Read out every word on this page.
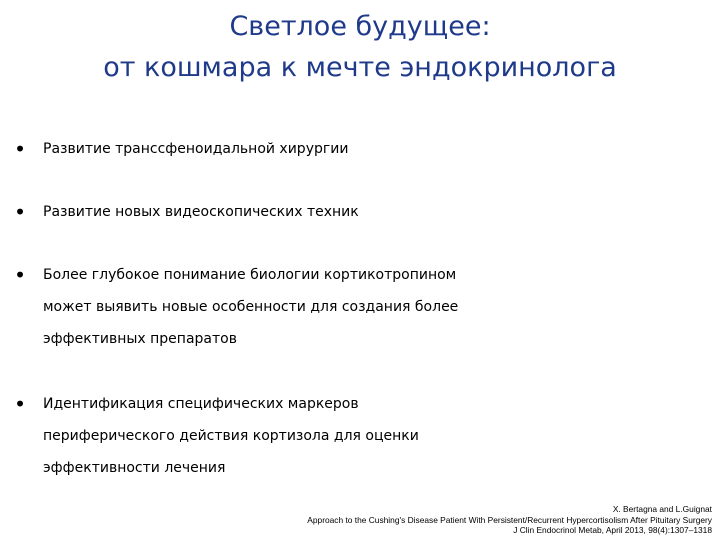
Светлое будущее:
от кошмара к мечте эндокринолога
•	Развитие транссфеноидальной хирургии
•	Развитие новых видеоскопических техник
•	Более глубокое понимание биологии кортикотропином
может выявить новые особенности для создания более
эффективных препаратов
•	Идентификация специфических маркеров
периферического действия кортизола для оценки
эффективности лечения
X. Bertagna and L.Guignat
Approach to the Cushing's Disease Patient With Persistent/Recurrent Hypercortisolism After Pituitary Surgery
J Clin Endocrinol Metab, April 2013, 98(4):1307–1318
